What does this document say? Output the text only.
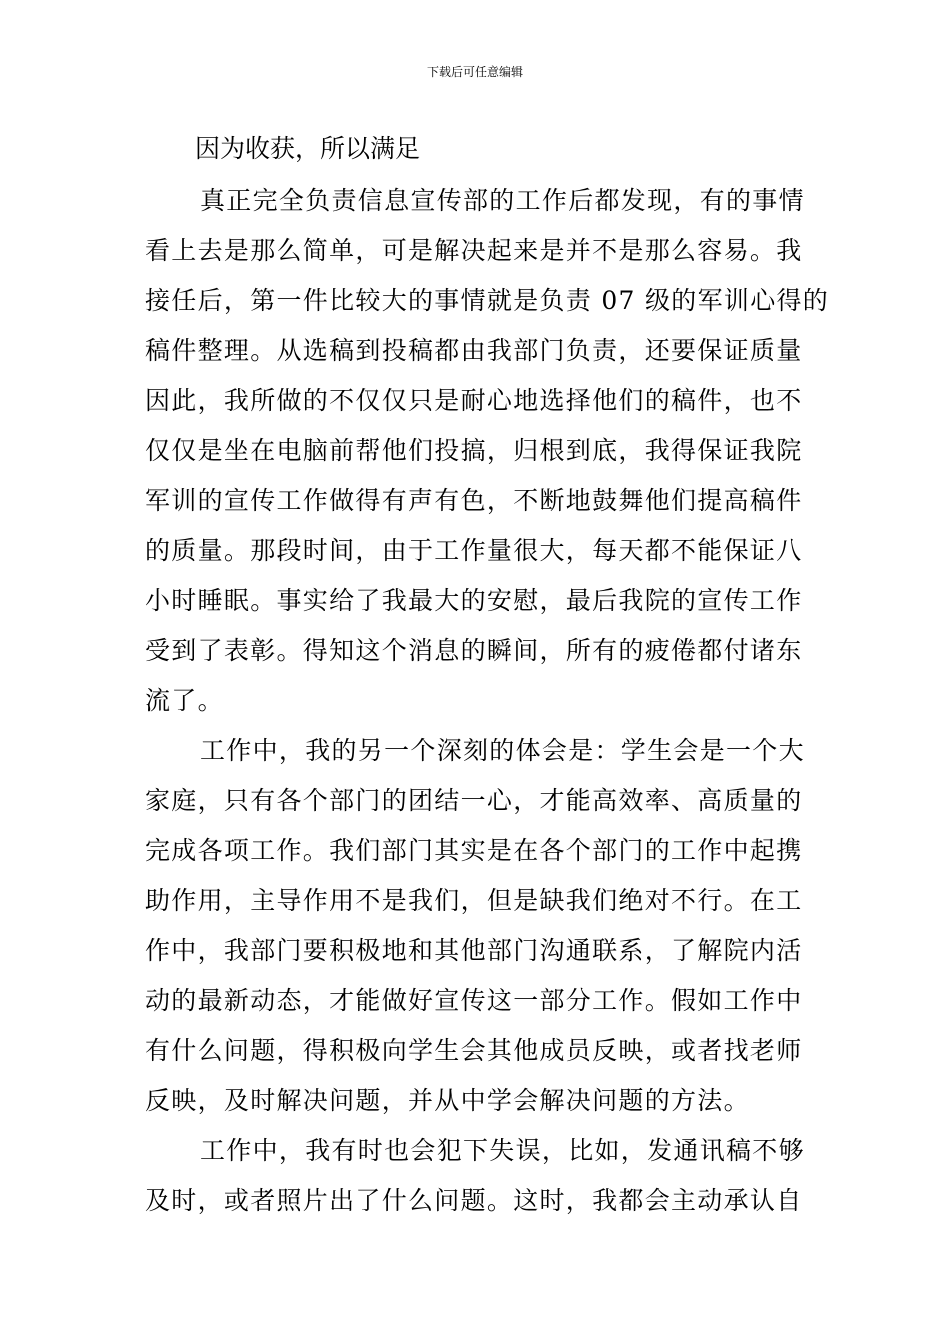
下载后可任意编辑
因为收获，所以满足
真正完全负责信息宣传部的工作后都发现，有的事情
看上去是那么简单，可是解决起来是并不是那么容易。我
接任后，第一件比较大的事情就是负责 07 级的军训心得的
稿件整理。从选稿到投稿都由我部门负责，还要保证质量
因此，我所做的不仅仅只是耐心地选择他们的稿件，也不
仅仅是坐在电脑前帮他们投搞，归根到底，我得保证我院
军训的宣传工作做得有声有色，不断地鼓舞他们提高稿件
的质量。那段时间，由于工作量很大，每天都不能保证八
小时睡眠。事实给了我最大的安慰，最后我院的宣传工作
受到了表彰。得知这个消息的瞬间，所有的疲倦都付诸东
流了。
工作中，我的另一个深刻的体会是：学生会是一个大
家庭，只有各个部门的团结一心，才能高效率、高质量的
完成各项工作。我们部门其实是在各个部门的工作中起携
助作用，主导作用不是我们，但是缺我们绝对不行。在工
作中，我部门要积极地和其他部门沟通联系，了解院内活
动的最新动态，才能做好宣传这一部分工作。假如工作中
有什么问题，得积极向学生会其他成员反映，或者找老师
反映，及时解决问题，并从中学会解决问题的方法。
工作中，我有时也会犯下失误，比如，发通讯稿不够
及时，或者照片出了什么问题。这时，我都会主动承认自
